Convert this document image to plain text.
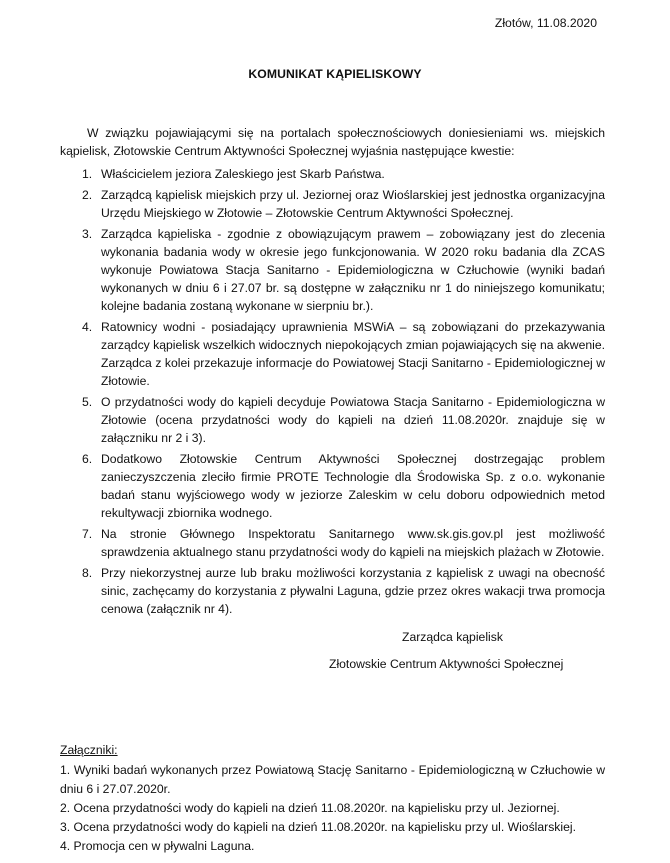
Złotów, 11.08.2020
KOMUNIKAT KĄPIELISKOWY
W związku pojawiającymi się na portalach społecznościowych doniesieniami ws. miejskich kąpielisk, Złotowskie Centrum Aktywności Społecznej wyjaśnia następujące kwestie:
1. Właścicielem jeziora Zaleskiego jest Skarb Państwa.
2. Zarządcą kąpielisk miejskich przy ul. Jeziornej oraz Wioślarskiej jest jednostka organizacyjna Urzędu Miejskiego w Złotowie – Złotowskie Centrum Aktywności Społecznej.
3. Zarządca kąpieliska - zgodnie z obowiązującym prawem – zobowiązany jest do zlecenia wykonania badania wody w okresie jego funkcjonowania. W 2020 roku badania dla ZCAS wykonuje Powiatowa Stacja Sanitarno - Epidemiologiczna w Człuchowie (wyniki badań wykonanych w dniu 6 i 27.07 br. są dostępne w załączniku nr 1 do niniejszego komunikatu; kolejne badania zostaną wykonane w sierpniu br.).
4. Ratownicy wodni - posiadający uprawnienia MSWiA – są zobowiązani do przekazywania zarządcy kąpielisk wszelkich widocznych niepokojących zmian pojawiających się na akwenie. Zarządca z kolei przekazuje informacje do Powiatowej Stacji Sanitarno - Epidemiologicznej w Złotowie.
5. O przydatności wody do kąpieli decyduje Powiatowa Stacja Sanitarno - Epidemiologiczna w Złotowie (ocena przydatności wody do kąpieli na dzień 11.08.2020r. znajduje się w załączniku nr 2 i 3).
6. Dodatkowo Złotowskie Centrum Aktywności Społecznej dostrzegając problem zanieczyszczenia zleciło firmie PROTE Technologie dla Środowiska Sp. z o.o. wykonanie badań stanu wyjściowego wody w jeziorze Zaleskim w celu doboru odpowiednich metod rekultywacji zbiornika wodnego.
7. Na stronie Głównego Inspektoratu Sanitarnego www.sk.gis.gov.pl jest możliwość sprawdzenia aktualnego stanu przydatności wody do kąpieli na miejskich plażach w Złotowie.
8. Przy niekorzystnej aurze lub braku możliwości korzystania z kąpielisk z uwagi na obecność sinic, zachęcamy do korzystania z pływalni Laguna, gdzie przez okres wakacji trwa promocja cenowa (załącznik nr 4).
Zarządca kąpielisk
Złotowskie Centrum Aktywności Społecznej
Załączniki:
1. Wyniki badań wykonanych przez Powiatową Stację Sanitarno - Epidemiologiczną w Człuchowie w dniu 6 i 27.07.2020r.
2. Ocena przydatności wody do kąpieli na dzień 11.08.2020r. na kąpielisku przy ul. Jeziornej.
3. Ocena przydatności wody do kąpieli na dzień 11.08.2020r. na kąpielisku przy ul. Wioślarskiej.
4. Promocja cen w pływalni Laguna.
